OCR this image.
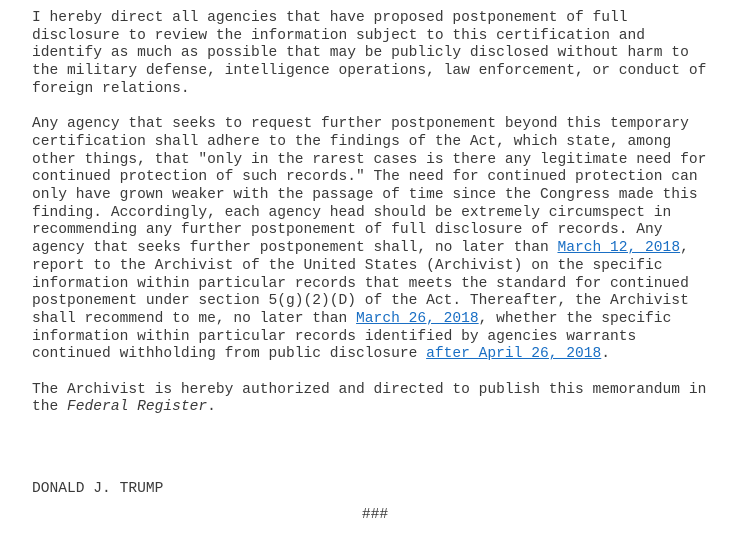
I hereby direct all agencies that have proposed postponement of full
disclosure to review the information subject to this certification and
identify as much as possible that may be publicly disclosed without harm to
the military defense, intelligence operations, law enforcement, or conduct of
foreign relations.

Any agency that seeks to request further postponement beyond this temporary
certification shall adhere to the findings of the Act, which state, among
other things, that "only in the rarest cases is there any legitimate need for
continued protection of such records." The need for continued protection can
only have grown weaker with the passage of time since the Congress made this
finding. Accordingly, each agency head should be extremely circumspect in
recommending any further postponement of full disclosure of records. Any
agency that seeks further postponement shall, no later than March 12, 2018,
report to the Archivist of the United States (Archivist) on the specific
information within particular records that meets the standard for continued
postponement under section 5(g)(2)(D) of the Act. Thereafter, the Archivist
shall recommend to me, no later than March 26, 2018, whether the specific
information within particular records identified by agencies warrants
continued withholding from public disclosure after April 26, 2018.

The Archivist is hereby authorized and directed to publish this memorandum in
the Federal Register.

DONALD J. TRUMP
###
